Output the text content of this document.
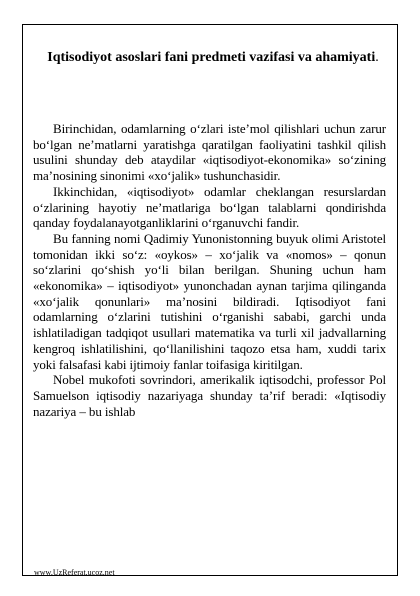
Iqtisodiyot asoslari fani predmeti vazifasi va ahamiyati.

Birinchidan, odamlarning o‘zlari iste’mol qilishlari uchun zarur bo‘lgan ne’matlarni yaratishga qaratilgan faoliyatini tashkil qilish usulini shunday deb ataydilar «iqtisodiyot-ekonomika» so‘zining ma’nosining sinonimi «xo‘jalik» tushunchasidir.

Ikkinchidan, «iqtisodiyot» odamlar cheklangan resurslardan o‘zlarining hayotiy ne’matlariga bo‘lgan talablarni qondirishda qanday foydalanayotganliklarini o‘rganuvchi fandir.

Bu fanning nomi Qadimiy Yunonistonning buyuk olimi Aristotel tomonidan ikki so‘z: «oykos» – xo‘jalik va «nomos» – qonun so‘zlarini qo‘shish yo‘li bilan berilgan. Shuning uchun ham «ekonomika» – iqtisodiyot» yunonchadan aynan tarjima qilinganda «xo‘jalik qonunlari» ma’nosini bildiradi. Iqtisodiyot fani odamlarning o‘zlarini tutishini o‘rganishi sababi, garchi unda ishlatiladigan tadqiqot usullari matematika va turli xil jadvallarning kengroq ishlatilishini, qo‘llanilishini taqozo etsa ham, xuddi tarix yoki falsafasi kabi ijtimoiy fanlar toifasiga kiritilgan.

Nobel mukofoti sovrindori, amerikalik iqtisodchi, professor Pol Samuelson iqtisodiy nazariyaga shunday ta’rif beradi: «Iqtisodiy nazariya – bu ishlab

www.UzReferat.ucoz.net
